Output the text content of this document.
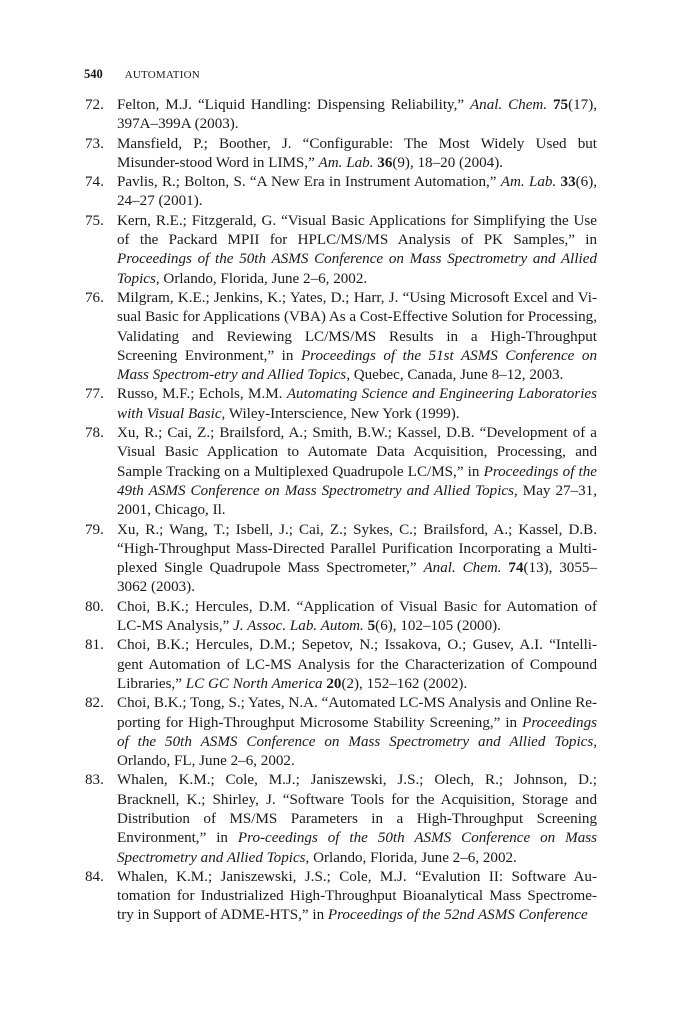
540 AUTOMATION
72. Felton, M.J. “Liquid Handling: Dispensing Reliability,” Anal. Chem. 75(17), 397A–399A (2003).
73. Mansfield, P.; Boother, J. “Configurable: The Most Widely Used but Misunder-stood Word in LIMS,” Am. Lab. 36(9), 18–20 (2004).
74. Pavlis, R.; Bolton, S. “A New Era in Instrument Automation,” Am. Lab. 33(6), 24–27 (2001).
75. Kern, R.E.; Fitzgerald, G. “Visual Basic Applications for Simplifying the Use of the Packard MPII for HPLC/MS/MS Analysis of PK Samples,” in Proceedings of the 50th ASMS Conference on Mass Spectrometry and Allied Topics, Orlando, Florida, June 2–6, 2002.
76. Milgram, K.E.; Jenkins, K.; Yates, D.; Harr, J. “Using Microsoft Excel and Vi-sual Basic for Applications (VBA) As a Cost-Effective Solution for Processing, Validating and Reviewing LC/MS/MS Results in a High-Throughput Screening Environment,” in Proceedings of the 51st ASMS Conference on Mass Spectrom-etry and Allied Topics, Quebec, Canada, June 8–12, 2003.
77. Russo, M.F.; Echols, M.M. Automating Science and Engineering Laboratories with Visual Basic, Wiley-Interscience, New York (1999).
78. Xu, R.; Cai, Z.; Brailsford, A.; Smith, B.W.; Kassel, D.B. “Development of a Visual Basic Application to Automate Data Acquisition, Processing, and Sample Tracking on a Multiplexed Quadrupole LC/MS,” in Proceedings of the 49th ASMS Conference on Mass Spectrometry and Allied Topics, May 27–31, 2001, Chicago, Il.
79. Xu, R.; Wang, T.; Isbell, J.; Cai, Z.; Sykes, C.; Brailsford, A.; Kassel, D.B. “High-Throughput Mass-Directed Parallel Purification Incorporating a Multi-plexed Single Quadrupole Mass Spectrometer,” Anal. Chem. 74(13), 3055–3062 (2003).
80. Choi, B.K.; Hercules, D.M. “Application of Visual Basic for Automation of LC-MS Analysis,” J. Assoc. Lab. Autom. 5(6), 102–105 (2000).
81. Choi, B.K.; Hercules, D.M.; Sepetov, N.; Issakova, O.; Gusev, A.I. “Intelli-gent Automation of LC-MS Analysis for the Characterization of Compound Libraries,” LC GC North America 20(2), 152–162 (2002).
82. Choi, B.K.; Tong, S.; Yates, N.A. “Automated LC-MS Analysis and Online Re-porting for High-Throughput Microsome Stability Screening,” in Proceedings of the 50th ASMS Conference on Mass Spectrometry and Allied Topics, Orlando, FL, June 2–6, 2002.
83. Whalen, K.M.; Cole, M.J.; Janiszewski, J.S.; Olech, R.; Johnson, D.; Bracknell, K.; Shirley, J. “Software Tools for the Acquisition, Storage and Distribution of MS/MS Parameters in a High-Throughput Screening Environment,” in Pro-ceedings of the 50th ASMS Conference on Mass Spectrometry and Allied Topics, Orlando, Florida, June 2–6, 2002.
84. Whalen, K.M.; Janiszewski, J.S.; Cole, M.J. “Evalution II: Software Au-tomation for Industrialized High-Throughput Bioanalytical Mass Spectrome-try in Support of ADME-HTS,” in Proceedings of the 52nd ASMS Conference
